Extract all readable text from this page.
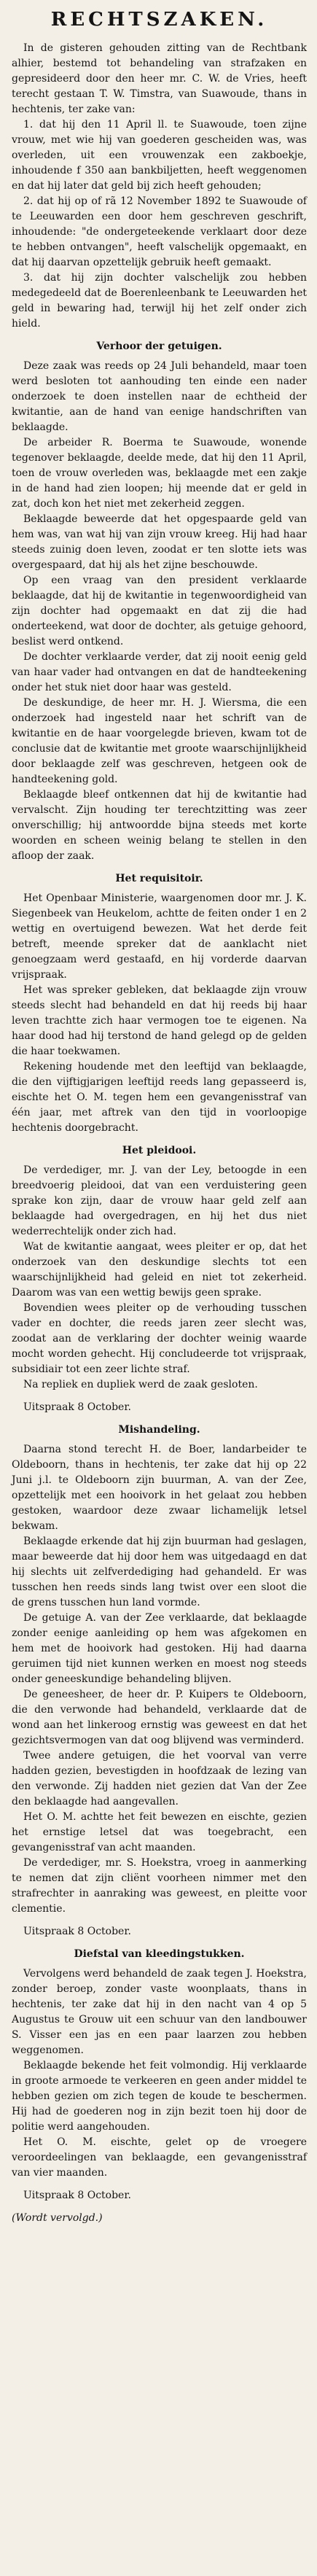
RECHTSZAKEN.

In de gisteren gehouden zitting van de Rechtbank alhier, bestemd tot behandeling van strafzaken en gepresideerd door den heer mr. C. W. de Vries, heeft terecht gestaan T. W. Timstra, van Suawoude, thans in hechtenis, ter zake van:

1. dat hij den 11 April ll. te Suawoude, toen zijne vrouw, met wie hij van goederen gescheiden was, was overleden, uit een vrouwenzak een zakboekje, inhoudende f 350 aan bankbiljetten, heeft weggenomen en dat hij later dat geld bij zich heeft gehouden;

2. dat hij op of rã 12 November 1892 te Suawoude of te Leeuwarden een door hem geschreven geschrift, inhoudende: "de ondergeteekende verklaart door deze te hebben ontvangen", heeft valschelijk opgemaakt, en dat hij daarvan opzettelijk gebruik heeft gemaakt.

3. dat hij zijn dochter valschelijk zou hebben medegedeeld dat de Boerenleenbank te Leeuwarden het geld in bewaring had, terwijl hij het zelf onder zich hield.

Verhoor der getuigen.

Deze zaak was reeds op 24 Juli behandeld, maar toen werd besloten tot aanhouding ten einde een nader onderzoek te doen instellen naar de echtheid der kwitantie, aan de hand van eenige handschriften van beklaagde.

De arbeider R. Boerma te Suawoude, wonende tegenover beklaagde, deelde mede, dat hij den 11 April, toen de vrouw overleden was, beklaagde met een zakje in de hand had zien loopen; hij meende dat er geld in zat, doch kon het niet met zekerheid zeggen.

Beklaagde beweerde dat het opgespaarde geld van hem was, van wat hij van zijn vrouw kreeg. Hij had haar steeds zuinig doen leven, zoodat er ten slotte iets was overgespaard, dat hij als het zijne beschouwde.

Op een vraag van den president verklaarde beklaagde, dat hij de kwitantie in tegenwoordigheid van zijn dochter had opgemaakt en dat zij die had onderteekend, wat door de dochter, als getuige gehoord, beslist werd ontkend.

De dochter verklaarde verder, dat zij nooit eenig geld van haar vader had ontvangen en dat de handteekening onder het stuk niet door haar was gesteld.

De deskundige, de heer mr. H. J. Wiersma, die een onderzoek had ingesteld naar het schrift van de kwitantie en de haar voorgelegde brieven, kwam tot de conclusie dat de kwitantie met groote waarschijnlijkheid door beklaagde zelf was geschreven, hetgeen ook de handteekening gold.

Beklaagde bleef ontkennen dat hij de kwitantie had vervalscht. Zijn houding ter terechtzitting was zeer onverschillig; hij antwoordde bijna steeds met korte woorden en scheen weinig belang te stellen in den afloop der zaak.

Het requisitoir.

Het Openbaar Ministerie, waargenomen door mr. J. K. Siegenbeek van Heukelom, achtte de feiten onder 1 en 2 wettig en overtuigend bewezen. Wat het derde feit betreft, meende spreker dat de aanklacht niet genoegzaam werd gestaafd, en hij vorderde daarvan vrijspraak.

Het was spreker gebleken, dat beklaagde zijn vrouw steeds slecht had behandeld en dat hij reeds bij haar leven trachtte zich haar vermogen toe te eigenen. Na haar dood had hij terstond de hand gelegd op de gelden die haar toekwamen.

Rekening houdende met den leeftijd van beklaagde, die den vijftigjarigen leeftijd reeds lang gepasseerd is, eischte het O. M. tegen hem een gevangenisstraf van één jaar, met aftrek van den tijd in voorloopige hechtenis doorgebracht.

Het pleidooi.

De verdediger, mr. J. van der Ley, betoogde in een breedvoerig pleidooi, dat van een verduistering geen sprake kon zijn, daar de vrouw haar geld zelf aan beklaagde had overgedragen, en hij het dus niet wederrechtelijk onder zich had.

Wat de kwitantie aangaat, wees pleiter er op, dat het onderzoek van den deskundige slechts tot een waarschijnlijkheid had geleid en niet tot zekerheid. Daarom was van een wettig bewijs geen sprake.

Bovendien wees pleiter op de verhouding tusschen vader en dochter, die reeds jaren zeer slecht was, zoodat aan de verklaring der dochter weinig waarde mocht worden gehecht. Hij concludeerde tot vrijspraak, subsidiair tot een zeer lichte straf.

Na repliek en dupliek werd de zaak gesloten.

Uitspraak 8 October.

Mishandeling.

Daarna stond terecht H. de Boer, landarbeider te Oldeboorn, thans in hechtenis, ter zake dat hij op 22 Juni j.l. te Oldeboorn zijn buurman, A. van der Zee, opzettelijk met een hooivork in het gelaat zou hebben gestoken, waardoor deze zwaar lichamelijk letsel bekwam.

Beklaagde erkende dat hij zijn buurman had geslagen, maar beweerde dat hij door hem was uitgedaagd en dat hij slechts uit zelfverdediging had gehandeld. Er was tusschen hen reeds sinds lang twist over een sloot die de grens tusschen hun land vormde.

De getuige A. van der Zee verklaarde, dat beklaagde zonder eenige aanleiding op hem was afgekomen en hem met de hooivork had gestoken. Hij had daarna geruimen tijd niet kunnen werken en moest nog steeds onder geneeskundige behandeling blijven.

De geneesheer, de heer dr. P. Kuipers te Oldeboorn, die den verwonde had behandeld, verklaarde dat de wond aan het linkeroog ernstig was geweest en dat het gezichtsvermogen van dat oog blijvend was verminderd.

Twee andere getuigen, die het voorval van verre hadden gezien, bevestigden in hoofdzaak de lezing van den verwonde. Zij hadden niet gezien dat Van der Zee den beklaagde had aangevallen.

Het O. M. achtte het feit bewezen en eischte, gezien het ernstige letsel dat was toegebracht, een gevangenisstraf van acht maanden.

De verdediger, mr. S. Hoekstra, vroeg in aanmerking te nemen dat zijn cliënt voorheen nimmer met den strafrechter in aanraking was geweest, en pleitte voor clementie.

Uitspraak 8 October.

Diefstal van kleedingstukken.

Vervolgens werd behandeld de zaak tegen J. Hoekstra, zonder beroep, zonder vaste woonplaats, thans in hechtenis, ter zake dat hij in den nacht van 4 op 5 Augustus te Grouw uit een schuur van den landbouwer S. Visser een jas en een paar laarzen zou hebben weggenomen.

Beklaagde bekende het feit volmondig. Hij verklaarde in groote armoede te verkeeren en geen ander middel te hebben gezien om zich tegen de koude te beschermen. Hij had de goederen nog in zijn bezit toen hij door de politie werd aangehouden.

Het O. M. eischte, gelet op de vroegere veroordeelingen van beklaagde, een gevangenisstraf van vier maanden.

Uitspraak 8 October.

(Wordt vervolgd.)
